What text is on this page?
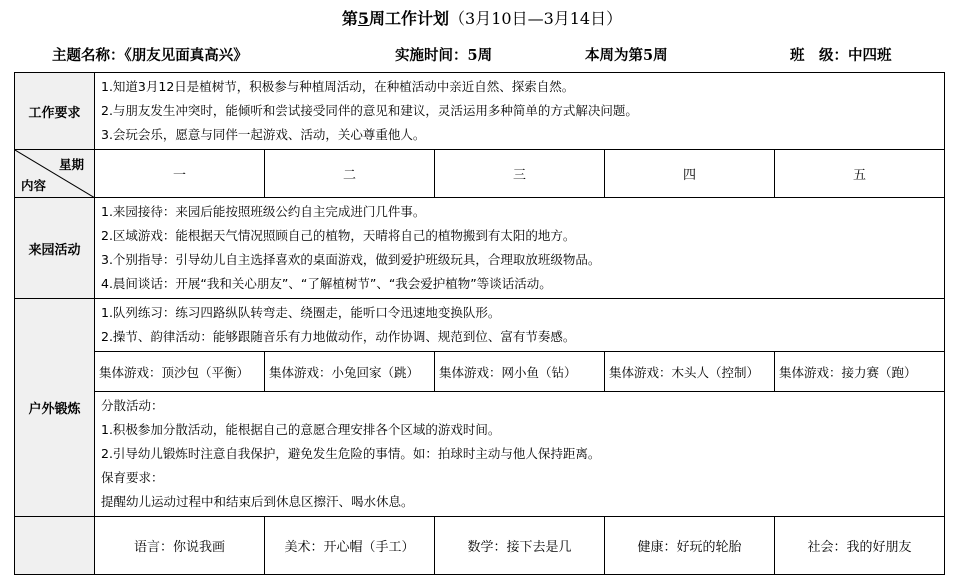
第5周工作计划（3月10日—3月14日）
主题名称：《朋友见面真高兴》	实施时间：5周	本周为第5周	班　级：中四班
工作要求	1.知道3月12日是植树节，积极参与种植周活动，在种植活动中亲近自然、探索自然。
2.与朋友发生冲突时，能倾听和尝试接受同伴的意见和建议，灵活运用多种简单的方式解决问题。
3.会玩会乐，愿意与同伴一起游戏、活动，关心尊重他人。				

星期
内容	一	二	三	四	五
来园活动	1.来园接待：来园后能按照班级公约自主完成进门几件事。
2.区域游戏：能根据天气情况照顾自己的植物，天晴将自己的植物搬到有太阳的地方。
3.个别指导：引导幼儿自主选择喜欢的桌面游戏，做到爱护班级玩具，合理取放班级物品。
4.晨间谈话：开展“我和关心朋友”、“了解植树节”、“我会爱护植物”等谈话活动。				

户外锻炼	1.队列练习：练习四路纵队转弯走、绕圈走，能听口令迅速地变换队形。
2.操节、韵律活动：能够跟随音乐有力地做动作，动作协调、规范到位、富有节奏感。				

	集体游戏：顶沙包（平衡）	集体游戏：小兔回家（跳）	集体游戏：网小鱼（钻）	集体游戏：木头人（控制）	集体游戏：接力赛（跑）

	分散活动：
1.积极参加分散活动，能根据自己的意愿合理安排各个区域的游戏时间。
2.引导幼儿锻炼时注意自我保护，避免发生危险的事情。如：拍球时主动与他人保持距离。
保育要求：
提醒幼儿运动过程中和结束后到休息区擦汗、喝水休息。				

	语言：你说我画	美术：开心帽（手工）	数学：接下去是几	健康：好玩的轮胎	社会：我的好朋友
